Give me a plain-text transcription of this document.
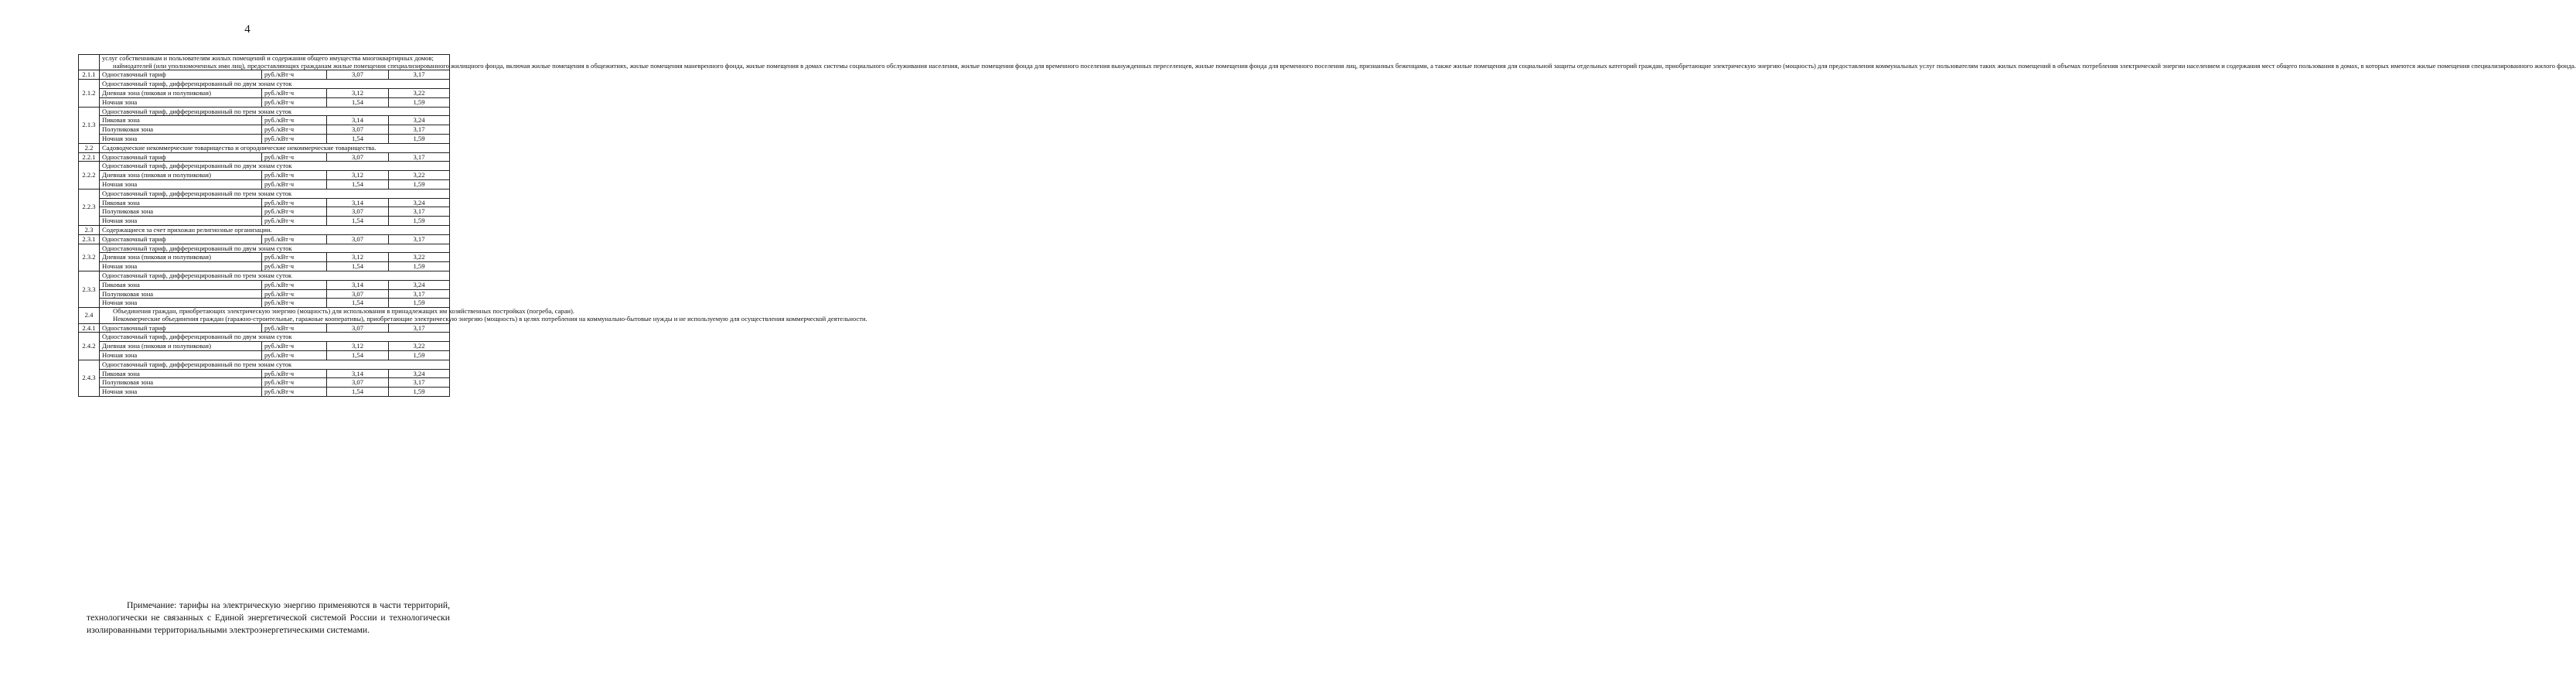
4

	услуг собственникам и пользователям жилых помещений и содержания общего имущества многоквартирных домов;

наймодателей (или уполномоченных ими лиц), предоставляющих гражданам жилые помещения специализированного жилищного фонда, включая жилые помещения в общежитиях, жилые помещения маневренного фонда, жилые помещения в домах системы социального обслуживания населения, жилые помещения фонда для временного поселения вынужденных переселенцев, жилые помещения фонда для временного поселения лиц, признанных беженцами, а также жилые помещения для социальной защиты отдельных категорий граждан, приобретающие электрическую энергию (мощность) для предоставления коммунальных услуг пользователям таких жилых помещений в объемах потребления электрической энергии населением и содержания мест общего пользования в домах, в которых имеются жилые помещения специализированного жилого фонда.			

2.1.1	Одноставочный тариф	руб./кВт·ч	3,07	3,17
2.1.2	Одноставочный тариф, дифференцированный по двум зонам суток			
	Дневная зона (пиковая и полупиковая)	руб./кВт·ч	3,12	3,22
	Ночная зона	руб./кВт·ч	1,54	1,59
2.1.3	Одноставочный тариф, дифференцированный по трем зонам суток			
	Пиковая зона	руб./кВт·ч	3,14	3,24
	Полупиковая зона	руб./кВт·ч	3,07	3,17
	Ночная зона	руб./кВт·ч	1,54	1,59
2.2	Садоводческие некоммерческие товарищества и огороднические некоммерческие товарищества.			
2.2.1	Одноставочный тариф	руб./кВт·ч	3,07	3,17
2.2.2	Одноставочный тариф, дифференцированный по двум зонам суток			
	Дневная зона (пиковая и полупиковая)	руб./кВт·ч	3,12	3,22
	Ночная зона	руб./кВт·ч	1,54	1,59
2.2.3	Одноставочный тариф, дифференцированный по трем зонам суток			
	Пиковая зона	руб./кВт·ч	3,14	3,24
	Полупиковая зона	руб./кВт·ч	3,07	3,17
	Ночная зона	руб./кВт·ч	1,54	1,59
2.3	Содержащиеся за счет прихожан религиозные организации.			
2.3.1	Одноставочный тариф	руб./кВт·ч	3,07	3,17
2.3.2	Одноставочный тариф, дифференцированный по двум зонам суток			
	Дневная зона (пиковая и полупиковая)	руб./кВт·ч	3,12	3,22
	Ночная зона	руб./кВт·ч	1,54	1,59
2.3.3	Одноставочный тариф, дифференцированный по трем зонам суток			
	Пиковая зона	руб./кВт·ч	3,14	3,24
	Полупиковая зона	руб./кВт·ч	3,07	3,17
	Ночная зона	руб./кВт·ч	1,54	1,59
2.4	Объединения граждан, приобретающих электрическую энергию (мощность) для использования в принадлежащих им хозяйственных постройках (погреба, сараи).

Некоммерческие объединения граждан (гаражно-строительные, гаражные кооперативы), приобретающие электрическую энергию (мощность) в целях потребления на коммунально-бытовые нужды и не используемую для осуществления коммерческой деятельности.			

2.4.1	Одноставочный тариф	руб./кВт·ч	3,07	3,17
2.4.2	Одноставочный тариф, дифференцированный по двум зонам суток			
	Дневная зона (пиковая и полупиковая)	руб./кВт·ч	3,12	3,22
	Ночная зона	руб./кВт·ч	1,54	1,59
2.4.3	Одноставочный тариф, дифференцированный по трем зонам суток			
	Пиковая зона	руб./кВт·ч	3,14	3,24
	Полупиковая зона	руб./кВт·ч	3,07	3,17
	Ночная зона	руб./кВт·ч	1,54	1,59

Примечание: тарифы на электрическую энергию применяются в части территорий, технологически не связанных с Единой энергетической системой России и технологически изолированными территориальными электроэнергетическими системами.
